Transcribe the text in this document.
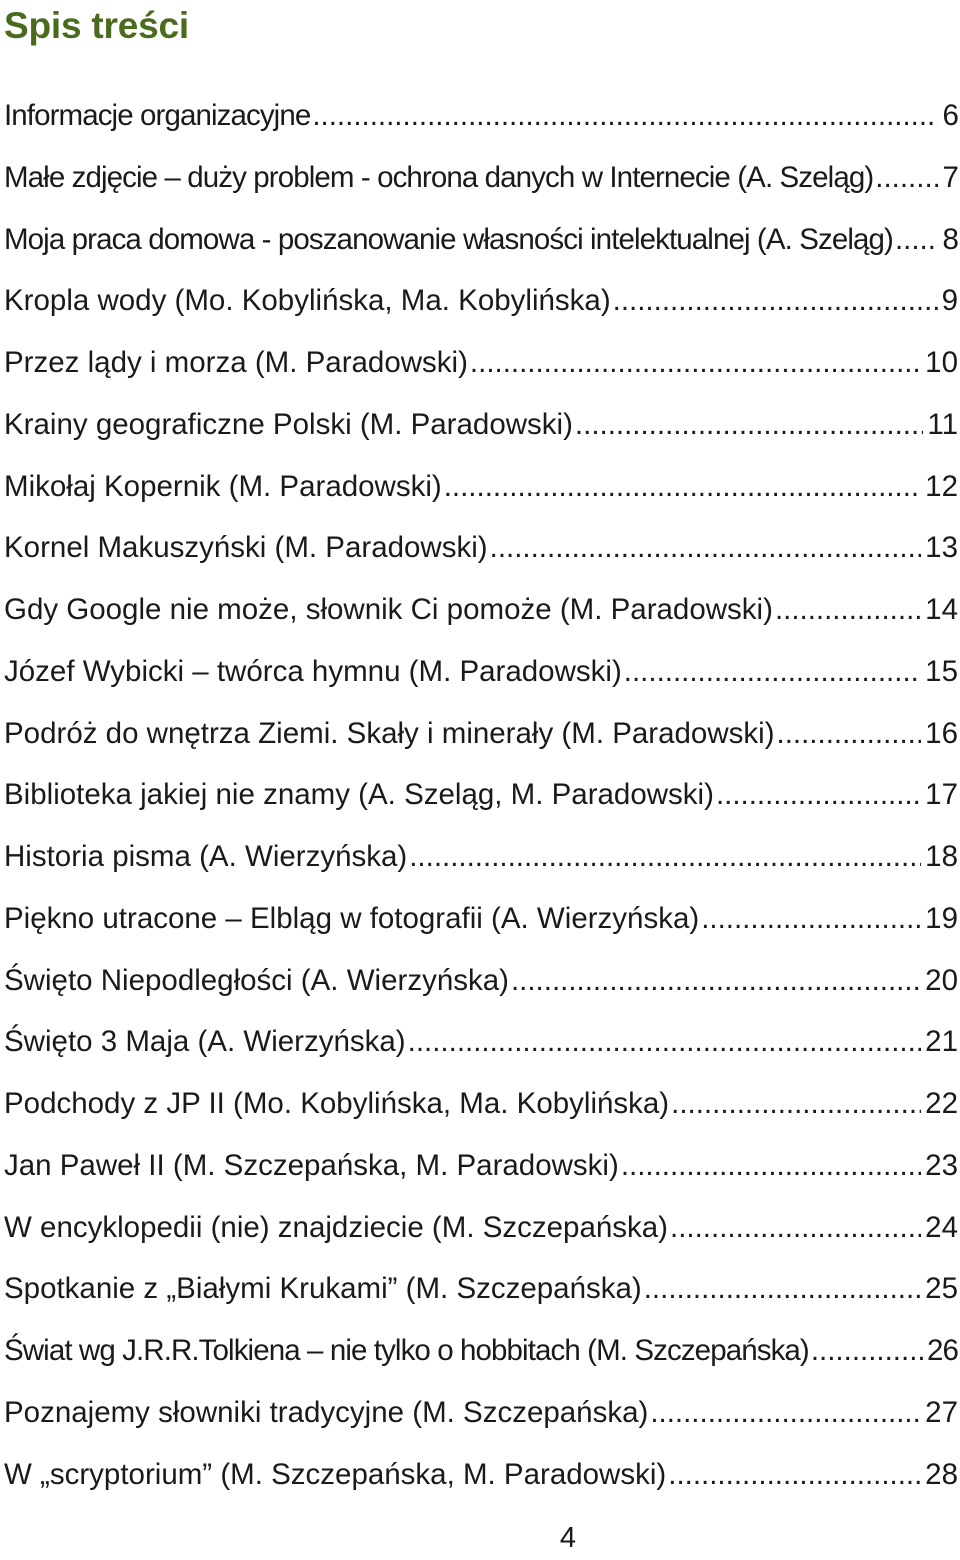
Spis treści
Informacje organizacyjne .....	6
Małe zdjęcie – duży problem - ochrona danych w Internecie (A. Szeląg) ..... 7
Moja praca domowa - poszanowanie własności intelektualnej (A. Szeląg) ..... 8
Kropla wody (Mo. Kobylińska, Ma. Kobylińska) .....	9
Przez lądy i morza (M. Paradowski) .....	10
Krainy geograficzne Polski (M. Paradowski) .....	11
Mikołaj Kopernik (M. Paradowski) .....	12
Kornel Makuszyński (M. Paradowski) .....	13
Gdy Google nie może, słownik Ci pomoże (M. Paradowski) .....	14
Józef Wybicki – twórca hymnu (M. Paradowski) .....	15
Podróż do wnętrza Ziemi. Skały i minerały (M. Paradowski) .....	16
Biblioteka jakiej nie znamy (A. Szeląg, M. Paradowski) .....	17
Historia pisma (A. Wierzyńska) .....	18
Piękno utracone – Elbląg w fotografii (A. Wierzyńska) .....	19
Święto Niepodległości (A. Wierzyńska) .....	20
Święto 3 Maja (A. Wierzyńska) .....	21
Podchody z JP II (Mo. Kobylińska, Ma. Kobylińska) .....	22
Jan Paweł II (M. Szczepańska, M. Paradowski) .....	23
W encyklopedii (nie) znajdziecie (M. Szczepańska) .....	24
Spotkanie z „Białymi Krukami” (M. Szczepańska) .....	25
Świat wg J.R.R.Tolkiena – nie tylko o hobbitach (M. Szczepańska) .....	26
Poznajemy słowniki tradycyjne (M. Szczepańska) .....	27
W „scryptorium” (M. Szczepańska, M. Paradowski) .....	28

4
